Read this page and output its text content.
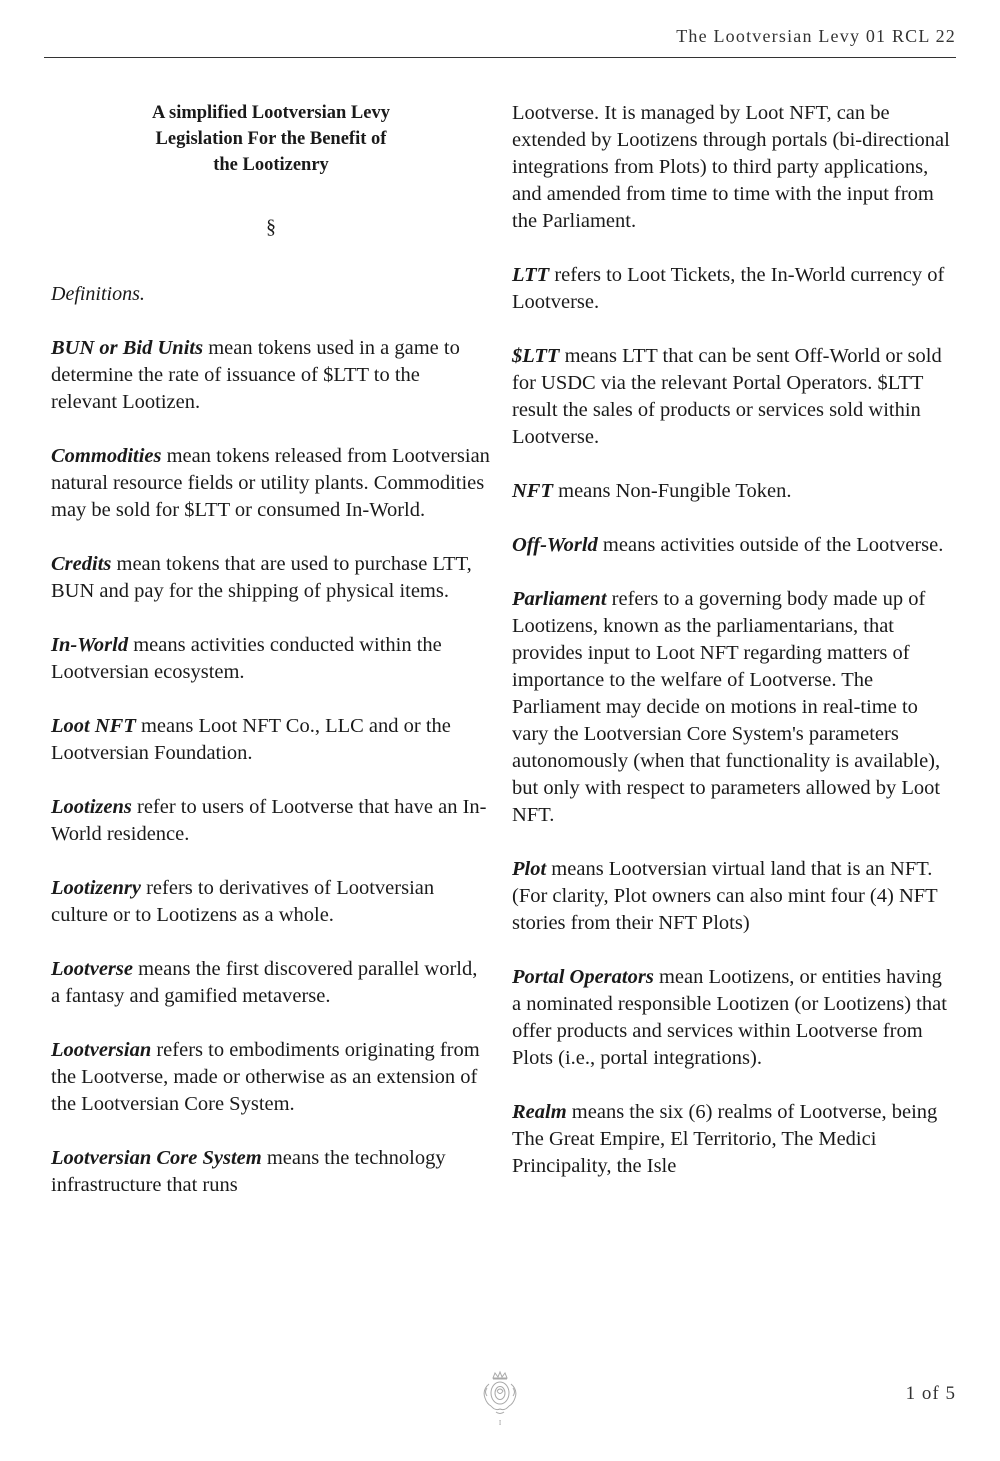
The Lootversian Levy 01 RCL 22

A simplified Lootversian Levy
Legislation For the Benefit of
the Lootizenry

§

Definitions.

BUN or Bid Units mean tokens used in a game to determine the rate of issuance of $LTT to the relevant Lootizen.

Commodities mean tokens released from Lootversian natural resource fields or utility plants. Commodities may be sold for $LTT or consumed In-World.

Credits mean tokens that are used to purchase LTT, BUN and pay for the shipping of physical items.

In-World means activities conducted within the Lootversian ecosystem.

Loot NFT means Loot NFT Co., LLC and or the Lootversian Foundation.

Lootizens refer to users of Lootverse that have an In-World residence.

Lootizenry refers to derivatives of Lootversian culture or to Lootizens as a whole.

Lootverse means the first discovered parallel world, a fantasy and gamified metaverse.

Lootversian refers to embodiments originating from the Lootverse, made or otherwise as an extension of the Lootversian Core System.

Lootversian Core System means the technology infrastructure that runs

Lootverse. It is managed by Loot NFT, can be extended by Lootizens through portals (bi-directional integrations from Plots) to third party applications, and amended from time to time with the input from the Parliament.

LTT refers to Loot Tickets, the In-World currency of Lootverse.

$LTT means LTT that can be sent Off-World or sold for USDC via the relevant Portal Operators. $LTT result the sales of products or services sold within Lootverse.

NFT means Non-Fungible Token.

Off-World means activities outside of the Lootverse.

Parliament refers to a governing body made up of Lootizens, known as the parliamentarians, that provides input to Loot NFT regarding matters of importance to the welfare of Lootverse. The Parliament may decide on motions in real-time to vary the Lootversian Core System's parameters autonomously (when that functionality is available), but only with respect to parameters allowed by Loot NFT.

Plot means Lootversian virtual land that is an NFT. (For clarity, Plot owners can also mint four (4) NFT stories from their NFT Plots)

Portal Operators mean Lootizens, or entities having a nominated responsible Lootizen (or Lootizens) that offer products and services within Lootverse from Plots (i.e., portal integrations).

Realm means the six (6) realms of Lootverse, being The Great Empire, El Territorio, The Medici Principality, the Isle

I
1 of 5
